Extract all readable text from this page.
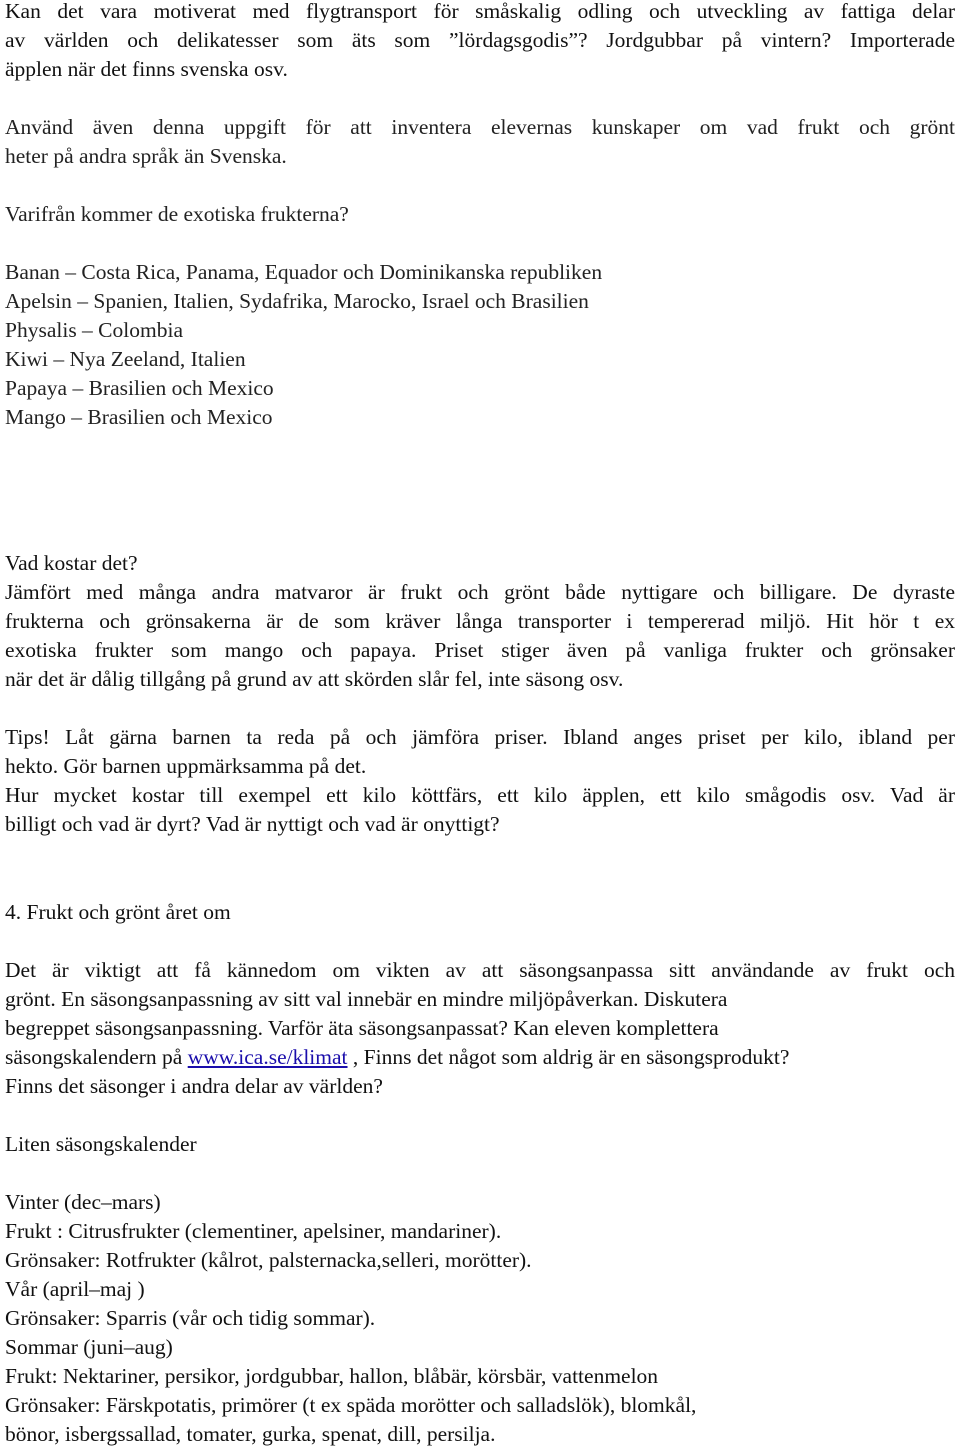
Kan det vara motiverat med flygtransport för småskalig odling och utveckling av fattiga delar
av världen och delikatesser som äts som ”lördagsgodis”? Jordgubbar på vintern? Importerade
äpplen när det finns svenska osv.
Använd även denna uppgift för att inventera elevernas kunskaper om vad frukt och grönt
heter på andra språk än Svenska.
Varifrån kommer de exotiska frukterna?
Banan – Costa Rica, Panama, Equador och Dominikanska republiken
Apelsin – Spanien, Italien, Sydafrika, Marocko, Israel och Brasilien
Physalis – Colombia
Kiwi – Nya Zeeland, Italien
Papaya – Brasilien och Mexico
Mango – Brasilien och Mexico
Vad kostar det?
Jämfört med många andra matvaror är frukt och grönt både nyttigare och billigare. De dyraste
frukterna och grönsakerna är de som kräver långa transporter i tempererad miljö. Hit hör t ex
exotiska frukter som mango och papaya. Priset stiger även på vanliga frukter och grönsaker
när det är dålig tillgång på grund av att skörden slår fel, inte säsong osv.
Tips! Låt gärna barnen ta reda på och jämföra priser. Ibland anges priset per kilo, ibland per
hekto. Gör barnen uppmärksamma på det.
Hur mycket kostar till exempel ett kilo köttfärs, ett kilo äpplen, ett kilo smågodis osv. Vad är
billigt och vad är dyrt? Vad är nyttigt och vad är onyttigt?
4. Frukt och grönt året om
Det är viktigt att få kännedom om vikten av att säsongsanpassa sitt användande av frukt och
grönt. En säsongsanpassning av sitt val innebär en mindre miljöpåverkan. Diskutera
begreppet säsongsanpassning. Varför äta säsongsanpassat? Kan eleven komplettera
säsongskalendern på www.ica.se/klimat , Finns det något som aldrig är en säsongsprodukt?
Finns det säsonger i andra delar av världen?
Liten säsongskalender
Vinter (dec–mars)
Frukt : Citrusfrukter (clementiner, apelsiner, mandariner).
Grönsaker: Rotfrukter (kålrot, palsternacka,selleri, morötter).
Vår (april–maj )
Grönsaker: Sparris (vår och tidig sommar).
Sommar (juni–aug)
Frukt: Nektariner, persikor, jordgubbar, hallon, blåbär, körsbär, vattenmelon
Grönsaker: Färskpotatis, primörer (t ex späda morötter och salladslök), blomkål,
bönor, isbergssallad, tomater, gurka, spenat, dill, persilja.
